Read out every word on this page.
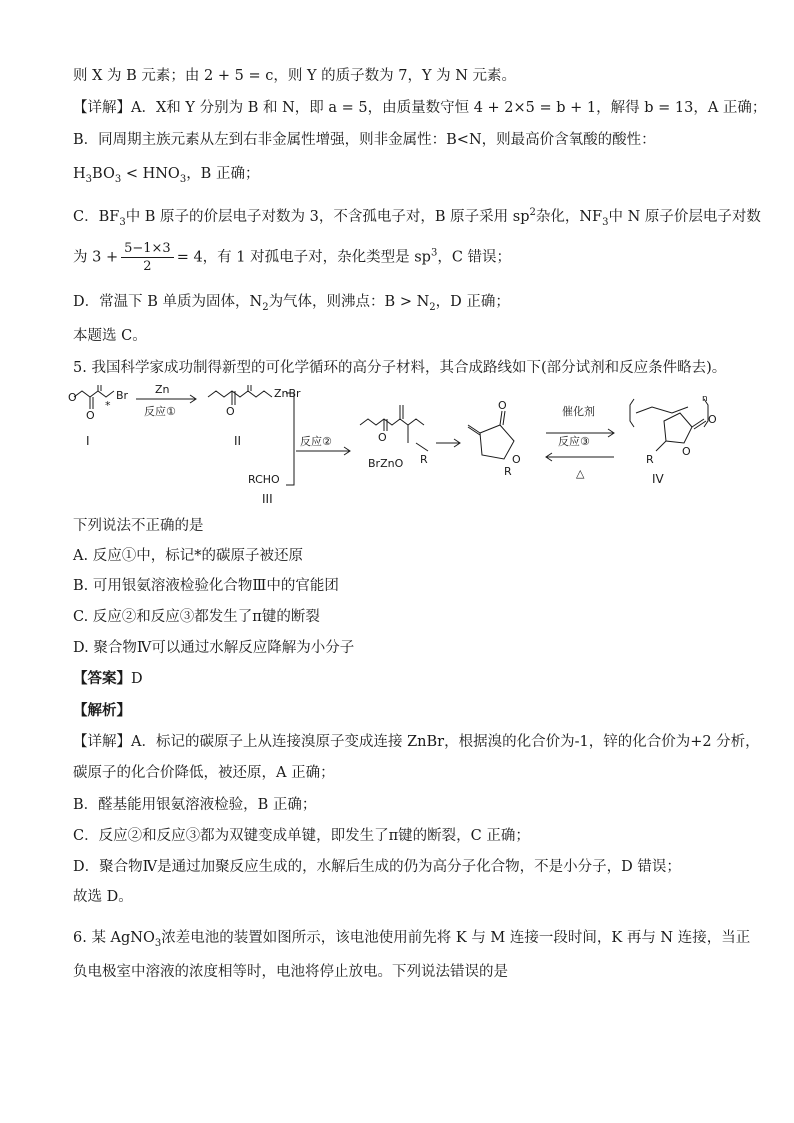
则 X 为 B 元素；由 2 + 5 = c，则 Y 的质子数为 7，Y 为 N 元素。
【详解】A．X和 Y 分别为 B 和 N，即 a = 5，由质量数守恒 4 + 2×5 = b + 1，解得 b = 13，A 正确；
B．同周期主族元素从左到右非金属性增强，则非金属性：B<N，则最高价含氧酸的酸性：
$H_3BO_3 < HNO_3$，B 正确；
C．$BF_3$中 B 原子的价层电子对数为 3，不含孤电子对，B 原子采用 $sp^2$杂化，$NF_3$中 N 原子价层电子对数
为 $3 + \frac{5-1\times 3}{2} = 4$，有 1 对孤电子对，杂化类型是 $sp^3$，C 错误；
D．常温下 B 单质为固体，$N_2$为气体，则沸点：$B > N_2$，D 正确；
本题选 C。
5. 我国科学家成功制得新型的可化学循环的高分子材料，其合成路线如下(部分试剂和反应条件略去)。
O
O
Br
*
Zn
反应①
I
O
ZnBr
II	反应②
RCHO
III
O
BrZnO R
O
O
R
催化剂
反应③
△
n
O
O
R
IV
下列说法不正确的是
A. 反应①中，标记*的碳原子被还原
B. 可用银氨溶液检验化合物Ⅲ中的官能团
C. 反应②和反应③都发生了π键的断裂
D. 聚合物Ⅳ可以通过水解反应降解为小分子
【答案】D
【解析】
【详解】A．标记的碳原子上从连接溴原子变成连接 ZnBr，根据溴的化合价为-1，锌的化合价为+2 分析，
碳原子的化合价降低，被还原，A 正确；
B．醛基能用银氨溶液检验，B 正确；
C．反应②和反应③都为双键变成单键，即发生了π键的断裂，C 正确；
D．聚合物Ⅳ是通过加聚反应生成的，水解后生成的仍为高分子化合物，不是小分子，D 错误；
故选 D。
6. 某 AgNO$_3$浓差电池的装置如图所示，该电池使用前先将 K 与 M 连接一段时间，K 再与 N 连接，当正
负电极室中溶液的浓度相等时，电池将停止放电。下列说法错误的是
